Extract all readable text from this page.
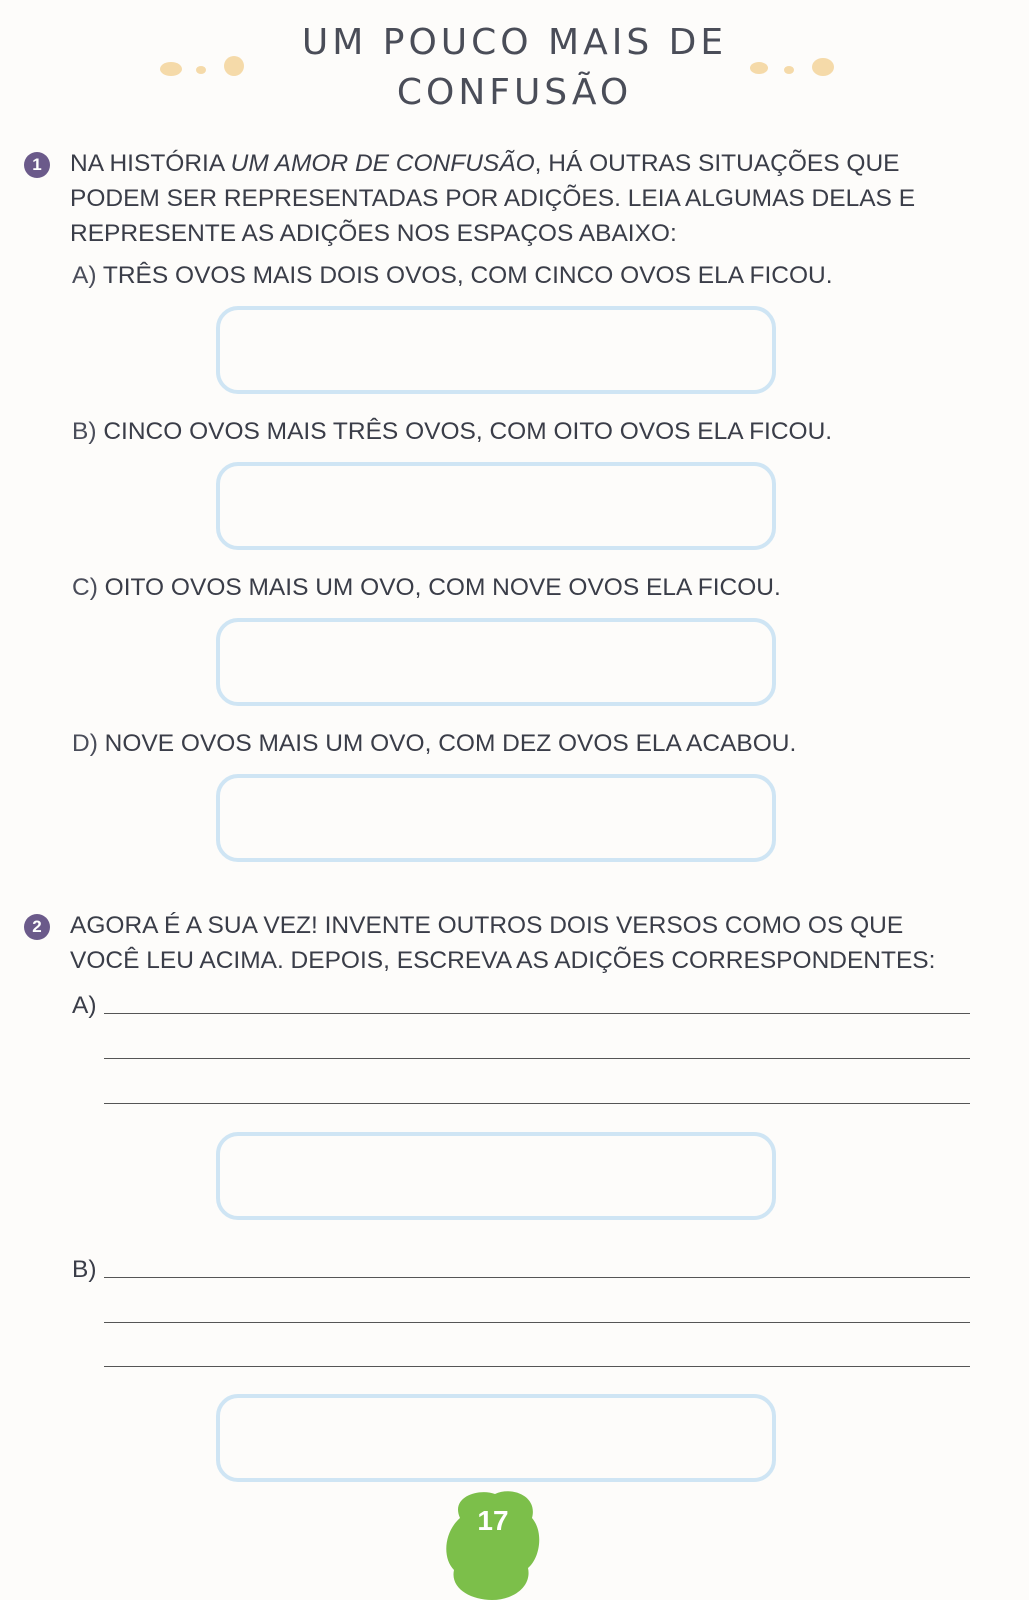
UM POUCO MAIS DE
CONFUSÃO
1	NA HISTÓRIA UM AMOR DE CONFUSÃO, HÁ OUTRAS SITUAÇÕES QUE
PODEM SER REPRESENTADAS POR ADIÇÕES. LEIA ALGUMAS DELAS E
REPRESENTE AS ADIÇÕES NOS ESPAÇOS ABAIXO:
A) TRÊS OVOS MAIS DOIS OVOS, COM CINCO OVOS ELA FICOU.
B) CINCO OVOS MAIS TRÊS OVOS, COM OITO OVOS ELA FICOU.
C) OITO OVOS MAIS UM OVO, COM NOVE OVOS ELA FICOU.
D) NOVE OVOS MAIS UM OVO, COM DEZ OVOS ELA ACABOU.
2	AGORA É A SUA VEZ! INVENTE OUTROS DOIS VERSOS COMO OS QUE
VOCÊ LEU ACIMA. DEPOIS, ESCREVA AS ADIÇÕES CORRESPONDENTES:
A)
B)
17
